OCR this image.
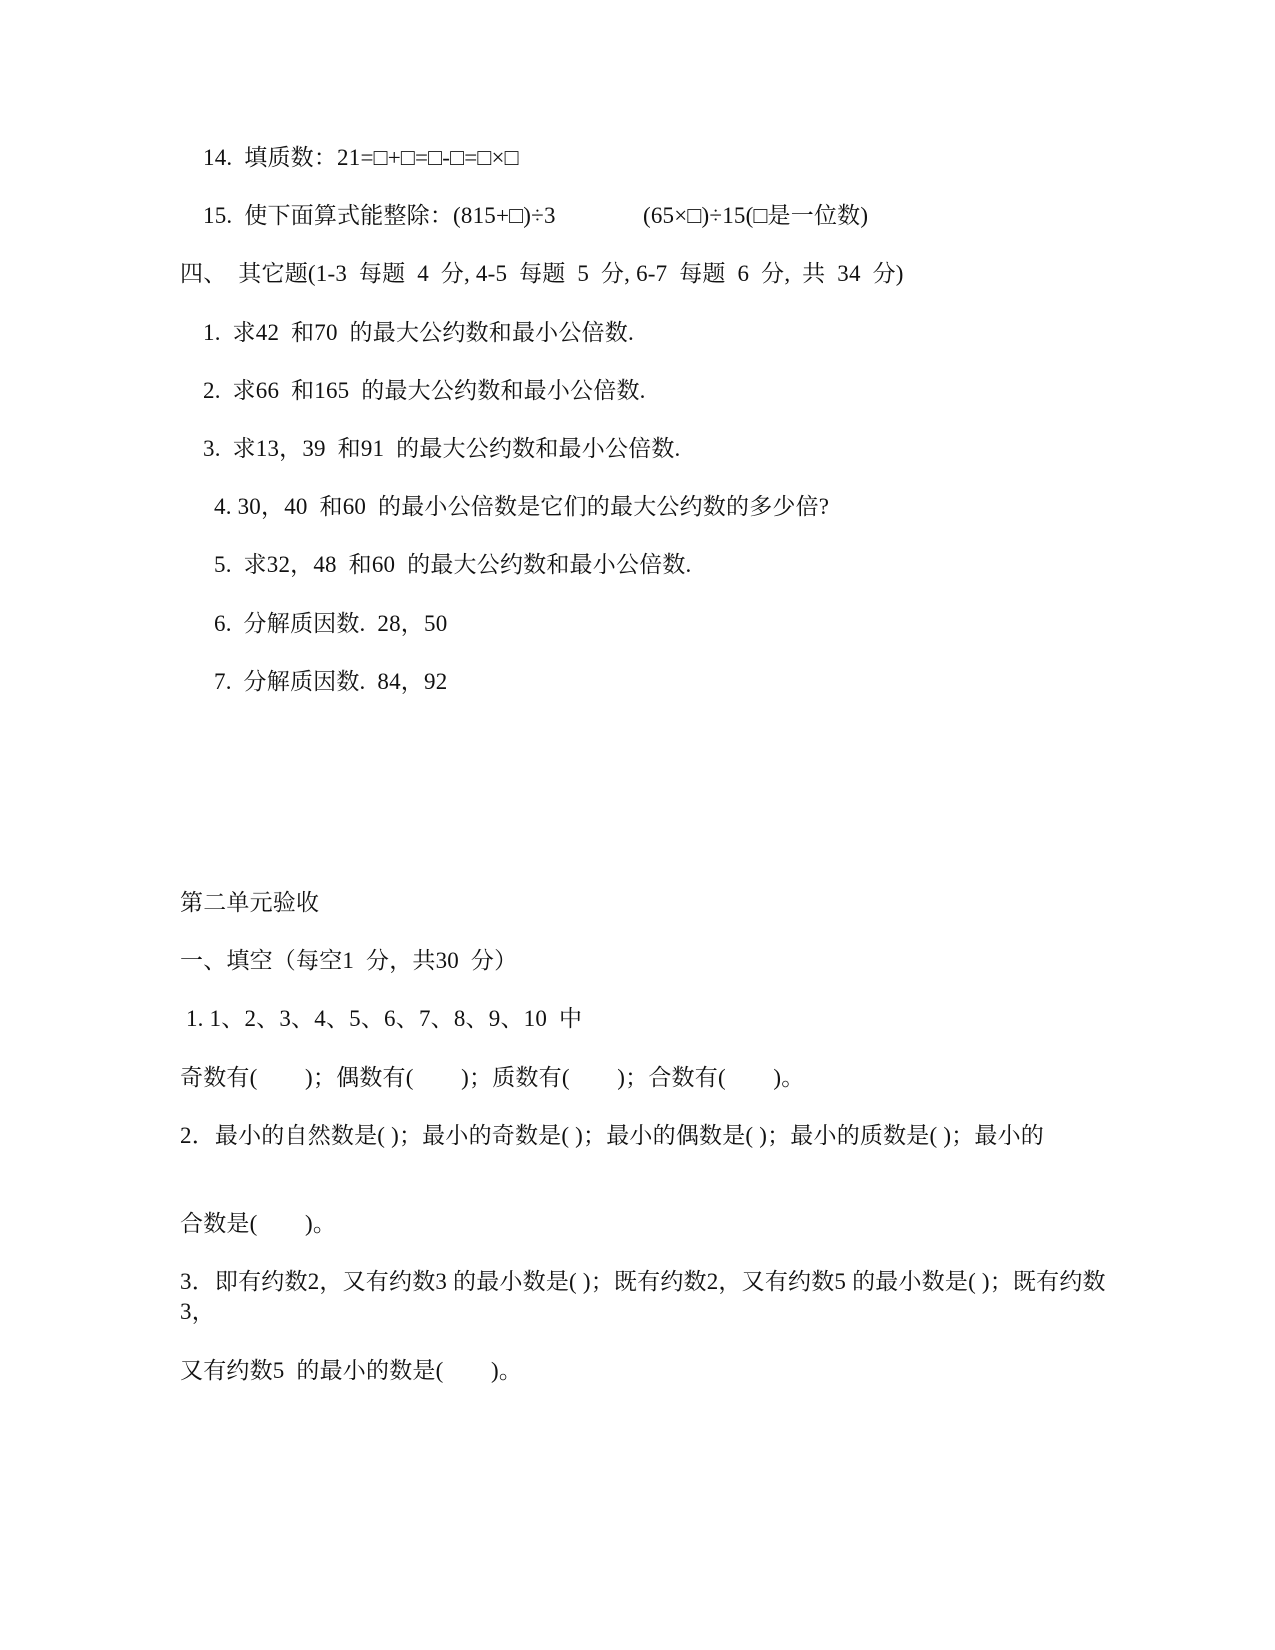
14.  填质数：21=□+□=□-□=□×□
15.  使下面算式能整除：(815+□)÷3	(65×□)÷15(□是一位数)
四、  其它题(1-3  每题  4  分, 4-5  每题  5  分, 6-7  每题  6  分,  共  34  分)
1.  求42  和70  的最大公约数和最小公倍数.
2.  求66  和165  的最大公约数和最小公倍数.
3.  求13，39  和91  的最大公约数和最小公倍数.
4. 30，40  和60  的最小公倍数是它们的最大公约数的多少倍?
5.  求32，48  和60  的最大公约数和最小公倍数.
6.  分解质因数.  28，50
7.  分解质因数.  84，92
第二单元验收
一、填空（每空1  分，共30  分）
1. 1、2、3、4、5、6、7、8、9、10  中
奇数有(        )；偶数有(        )；质数有(        )；合数有(        )。
2．最小的自然数是( )；最小的奇数是( )；最小的偶数是( )；最小的质数是( )；最小的
合数是(        )。
3．即有约数2，又有约数3 的最小数是( )；既有约数2，又有约数5 的最小数是( )；既有约数3，
又有约数5  的最小的数是(        )。
